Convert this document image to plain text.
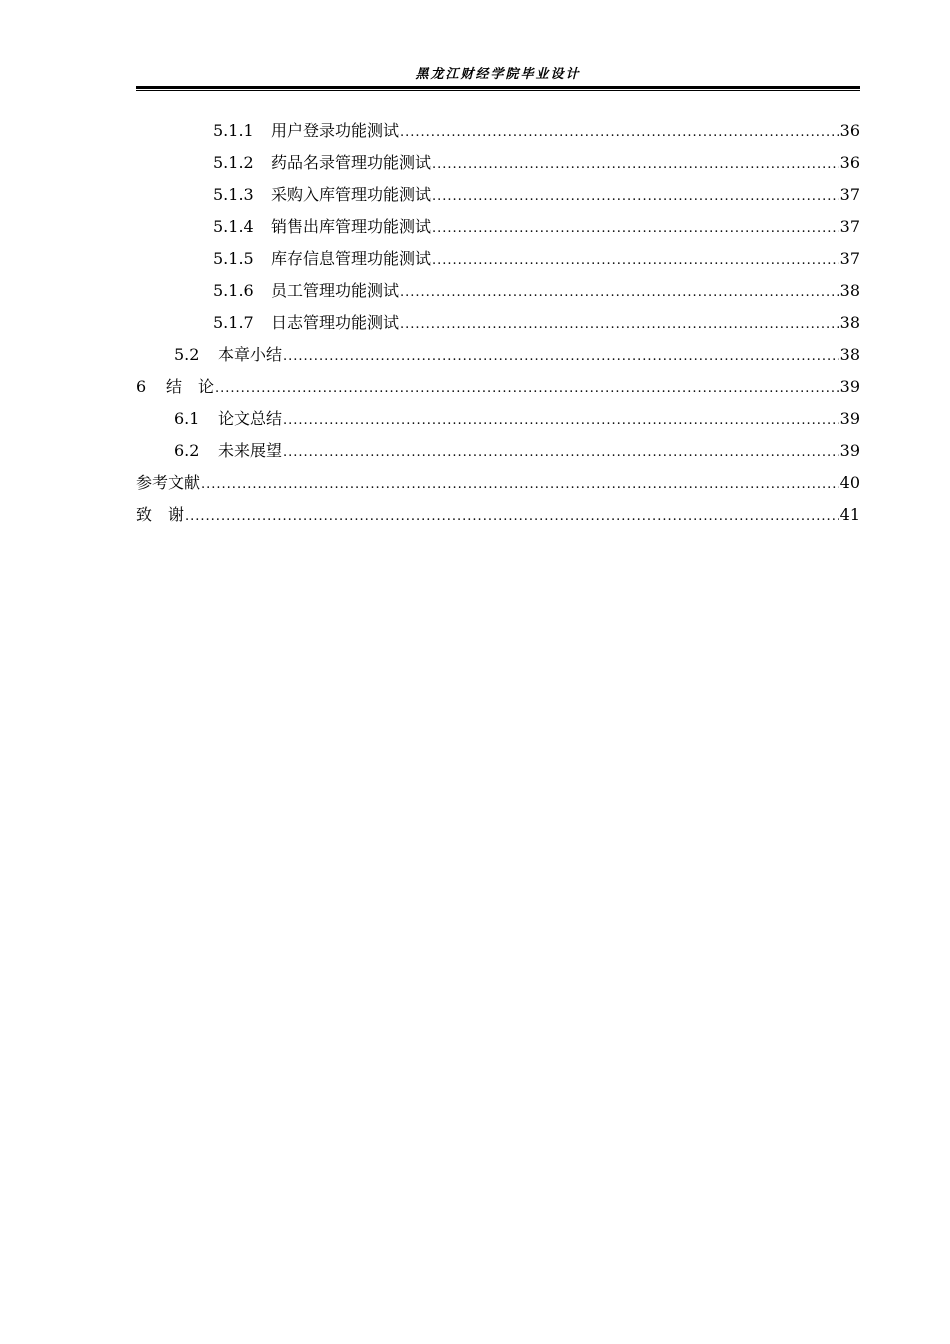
黑龙江财经学院毕业设计
5.1.1	用户登录功能测试 .....	36
5.1.2	药品名录管理功能测试 .....	36
5.1.3	采购入库管理功能测试 .....	37
5.1.4	销售出库管理功能测试 .....	37
5.1.5	库存信息管理功能测试 .....	37
5.1.6	员工管理功能测试 .....	38
5.1.7	日志管理功能测试 .....	38
5.2	本章小结 .....	38
6	结　论 .....	39
6.1	论文总结 .....	39
6.2	未来展望 .....	39
参考文献 .....	40
致　谢 .....	41
